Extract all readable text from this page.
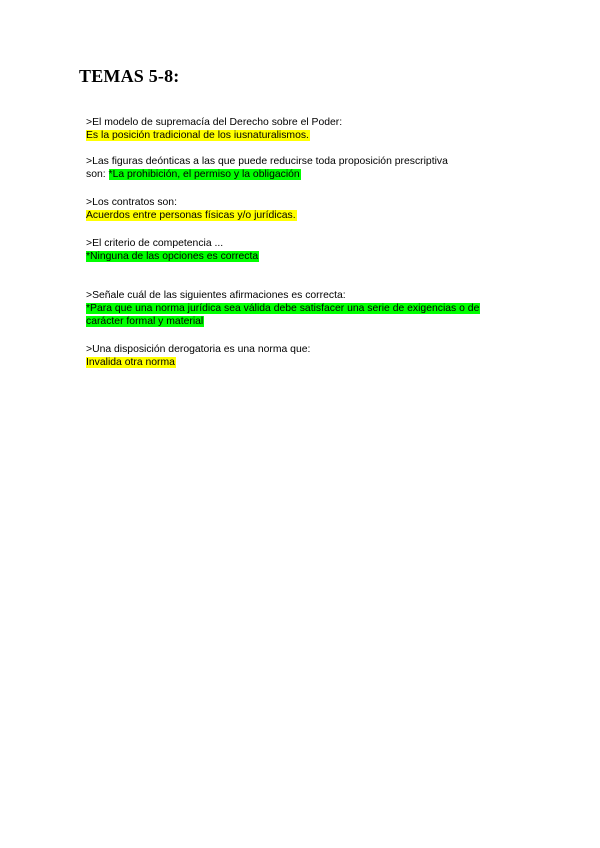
TEMAS 5-8:
>El modelo de supremacía del Derecho sobre el Poder:
Es la posición tradicional de los iusnaturalismos.
>Las figuras deónticas a las que puede reducirse toda proposición prescriptiva
son: *La prohibición, el permiso y la obligación
>Los contratos son:
Acuerdos entre personas físicas y/o jurídicas.
>El criterio de competencia ...
*Ninguna de las opciones es correcta
>Señale cuál de las siguientes afirmaciones es correcta:
*Para que una norma jurídica sea válida debe satisfacer una serie de exigencias o de
carácter formal y material
>Una disposición derogatoria es una norma que:
Invalida otra norma
